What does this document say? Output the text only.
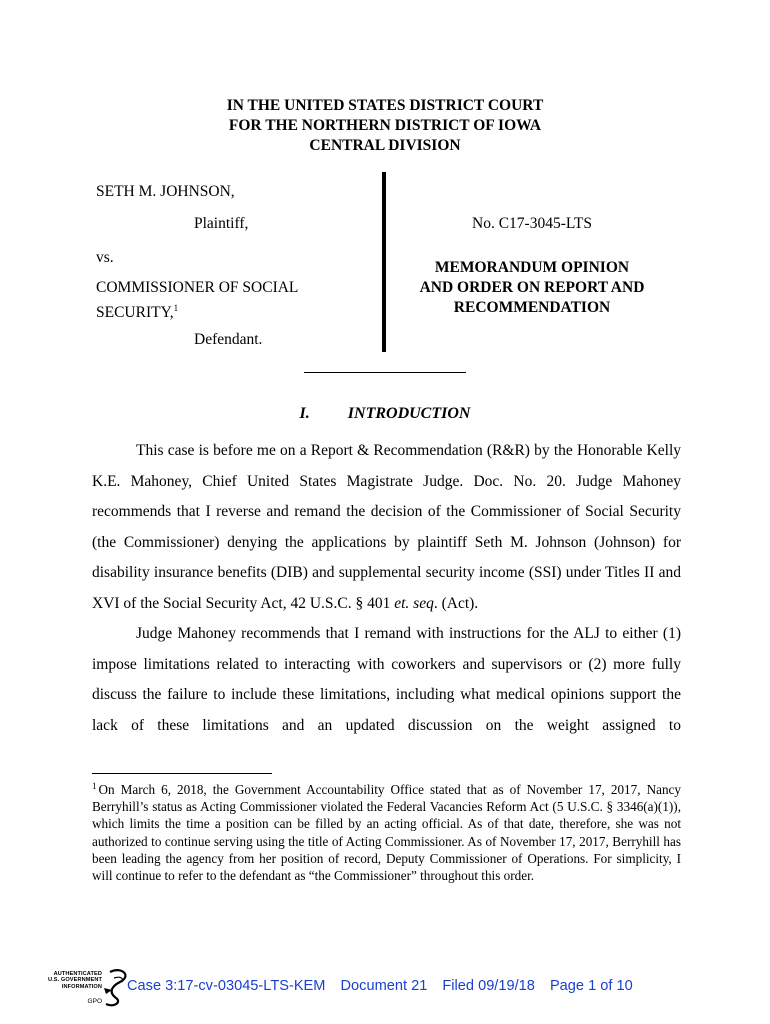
IN THE UNITED STATES DISTRICT COURT
FOR THE NORTHERN DISTRICT OF IOWA
CENTRAL DIVISION
SETH M. JOHNSON,
Plaintiff,
vs.
COMMISSIONER OF SOCIAL
SECURITY,$^1$
Defendant.
No. C17-3045-LTS
MEMORANDUM OPINION
AND ORDER ON REPORT AND
RECOMMENDATION
I. INTRODUCTION

This case is before me on a Report & Recommendation (R&R) by the Honorable Kelly K.E. Mahoney, Chief United States Magistrate Judge. Doc. No. 20. Judge Mahoney recommends that I reverse and remand the decision of the Commissioner of Social Security (the Commissioner) denying the applications by plaintiff Seth M. Johnson (Johnson) for disability insurance benefits (DIB) and supplemental security income (SSI) under Titles II and XVI of the Social Security Act, 42 U.S.C. § 401 et. seq. (Act).

Judge Mahoney recommends that I remand with instructions for the ALJ to either (1) impose limitations related to interacting with coworkers and supervisors or (2) more fully discuss the failure to include these limitations, including what medical opinions support the lack of these limitations and an updated discussion on the weight assigned to

$^1$ On March 6, 2018, the Government Accountability Office stated that as of November 17, 2017, Nancy Berryhill’s status as Acting Commissioner violated the Federal Vacancies Reform Act (5 U.S.C. § 3346(a)(1)), which limits the time a position can be filled by an acting official. As of that date, therefore, she was not authorized to continue serving using the title of Acting Commissioner. As of November 17, 2017, Berryhill has been leading the agency from her position of record, Deputy Commissioner of Operations. For simplicity, I will continue to refer to the defendant as “the Commissioner” throughout this order.
AUTHENTICATED
U.S. GOVERNMENT
INFORMATION
GPO
Case 3:17-cv-03045-LTS-KEM Document 21 Filed 09/19/18 Page 1 of 10
